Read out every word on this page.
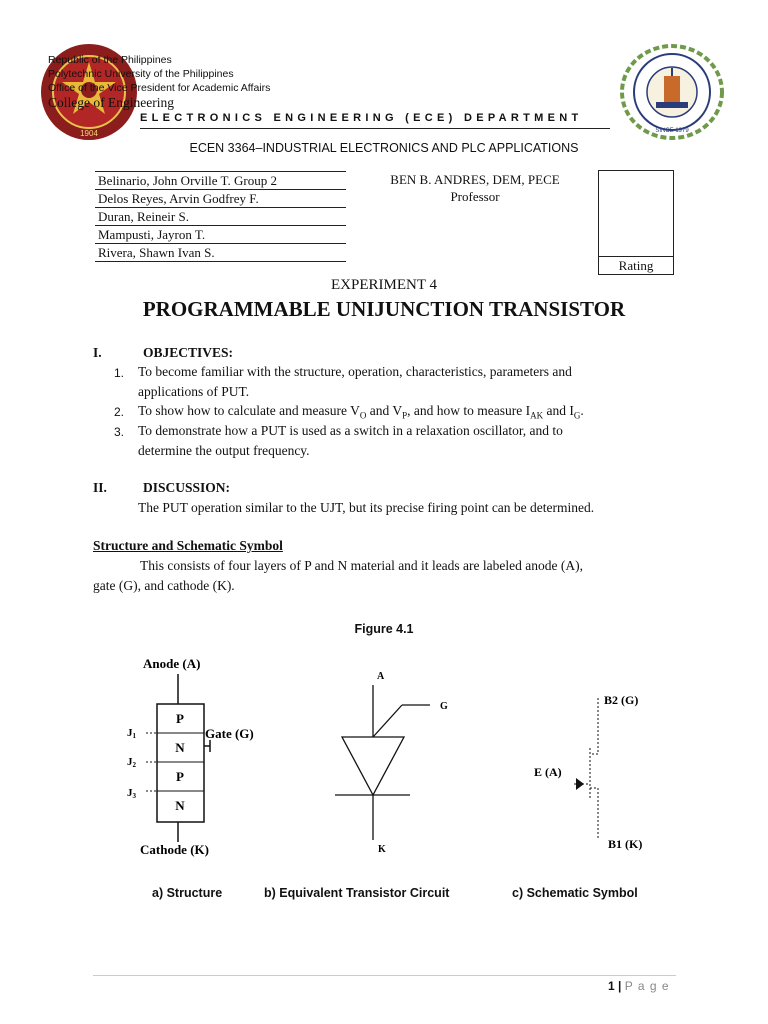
1904
Republic of the Philippines
Polytechnic University of the Philippines
Office of the Vice President for Academic Affairs
College of Engineering
ELECTRONICS ENGINEERING (ECE) DEPARTMENT
SINCE 1979
ECEN 3364–INDUSTRIAL ELECTRONICS AND PLC APPLICATIONS
Belinario, John Orville T. Group 2
Delos Reyes, Arvin Godfrey F.
Duran, Reineir S.
Mampusti, Jayron T.
Rivera, Shawn Ivan S.
BEN B. ANDRES, DEM, PECE
Professor
Rating
EXPERIMENT 4
PROGRAMMABLE UNIJUNCTION TRANSISTOR
I.	OBJECTIVES:
1. To become familiar with the structure, operation, characteristics, parameters and
applications of PUT.
2. To show how to calculate and measure $V_O$ and $V_P$, and how to measure $I_{AK}$ and $I_G$.
3. To demonstrate how a PUT is used as a switch in a relaxation oscillator, and to
determine the output frequency.
II.	DISCUSSION:
The PUT operation similar to the UJT, but its precise firing point can be determined.
Structure and Schematic Symbol
This consists of four layers of P and N material and it leads are labeled anode (A),
gate (G), and cathode (K).
Figure 4.1
Anode (A)
P
N
P
N
J1
J2
J3
Gate (G)
Cathode (K)
A
G
K
B2 (G)
E (A)
B1 (K)
a) Structure	b) Equivalent Transistor Circuit	c) Schematic Symbol
1 | P a g e
